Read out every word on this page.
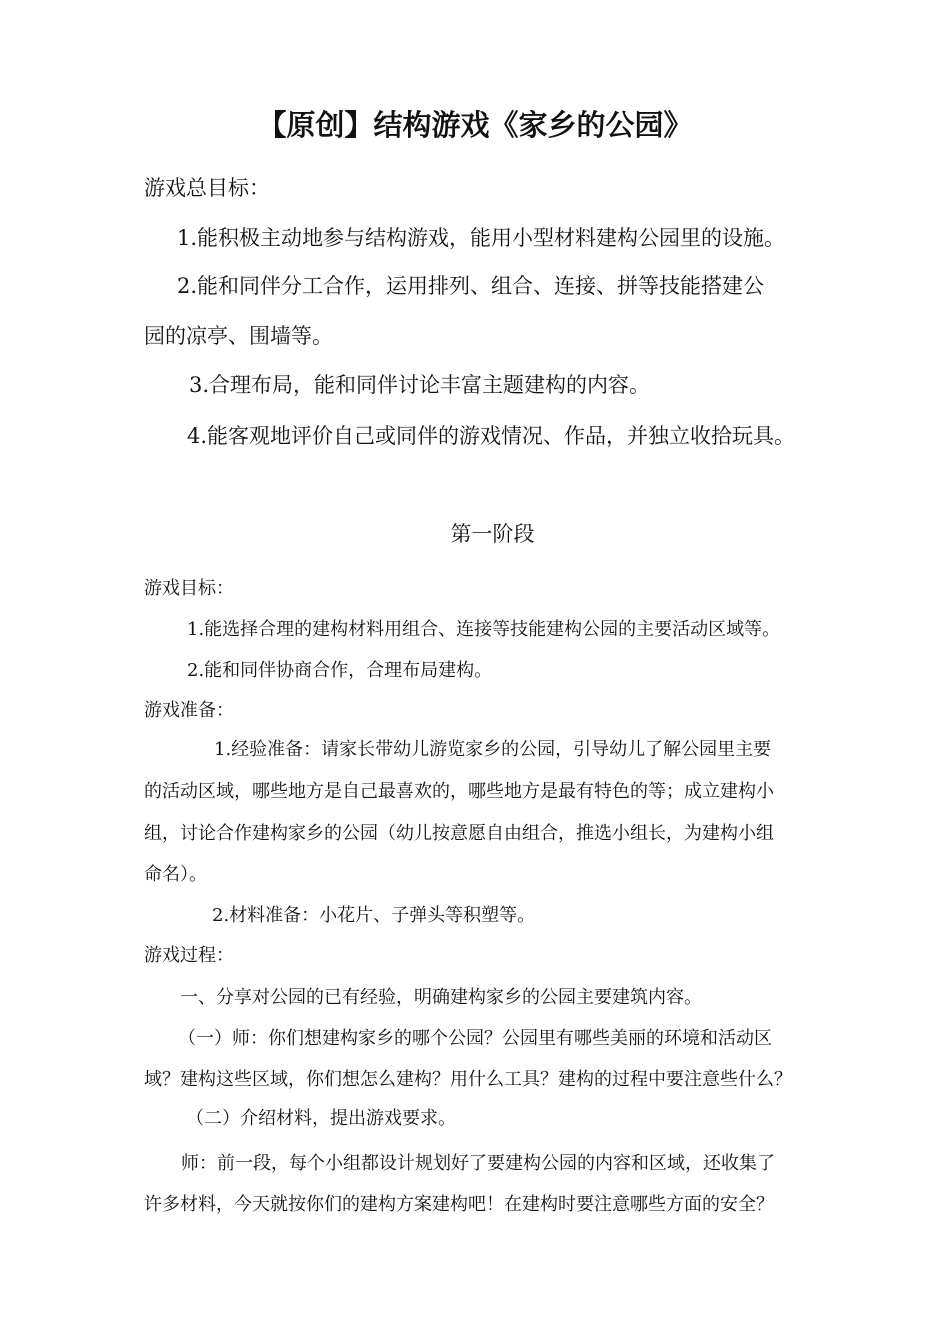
【原创】结构游戏《家乡的公园》
游戏总目标：
1.能积极主动地参与结构游戏，能用小型材料建构公园里的设施。
2.能和同伴分工合作，运用排列、组合、连接、拼等技能搭建公
园的凉亭、围墙等。
3.合理布局，能和同伴讨论丰富主题建构的内容。
4.能客观地评价自己或同伴的游戏情况、作品，并独立收拾玩具。
第一阶段
游戏目标：
1.能选择合理的建构材料用组合、连接等技能建构公园的主要活动区域等。
2.能和同伴协商合作，合理布局建构。
游戏准备：
1.经验准备：请家长带幼儿游览家乡的公园，引导幼儿了解公园里主要
的活动区域，哪些地方是自己最喜欢的，哪些地方是最有特色的等；成立建构小
组，讨论合作建构家乡的公园（幼儿按意愿自由组合，推选小组长，为建构小组
命名）。
2.材料准备：小花片、子弹头等积塑等。
游戏过程：
一、分享对公园的已有经验，明确建构家乡的公园主要建筑内容。
（一）师：你们想建构家乡的哪个公园？公园里有哪些美丽的环境和活动区
域？建构这些区域，你们想怎么建构？用什么工具？建构的过程中要注意些什么？
（二）介绍材料，提出游戏要求。
师：前一段，每个小组都设计规划好了要建构公园的内容和区域，还收集了
许多材料，今天就按你们的建构方案建构吧！在建构时要注意哪些方面的安全？
